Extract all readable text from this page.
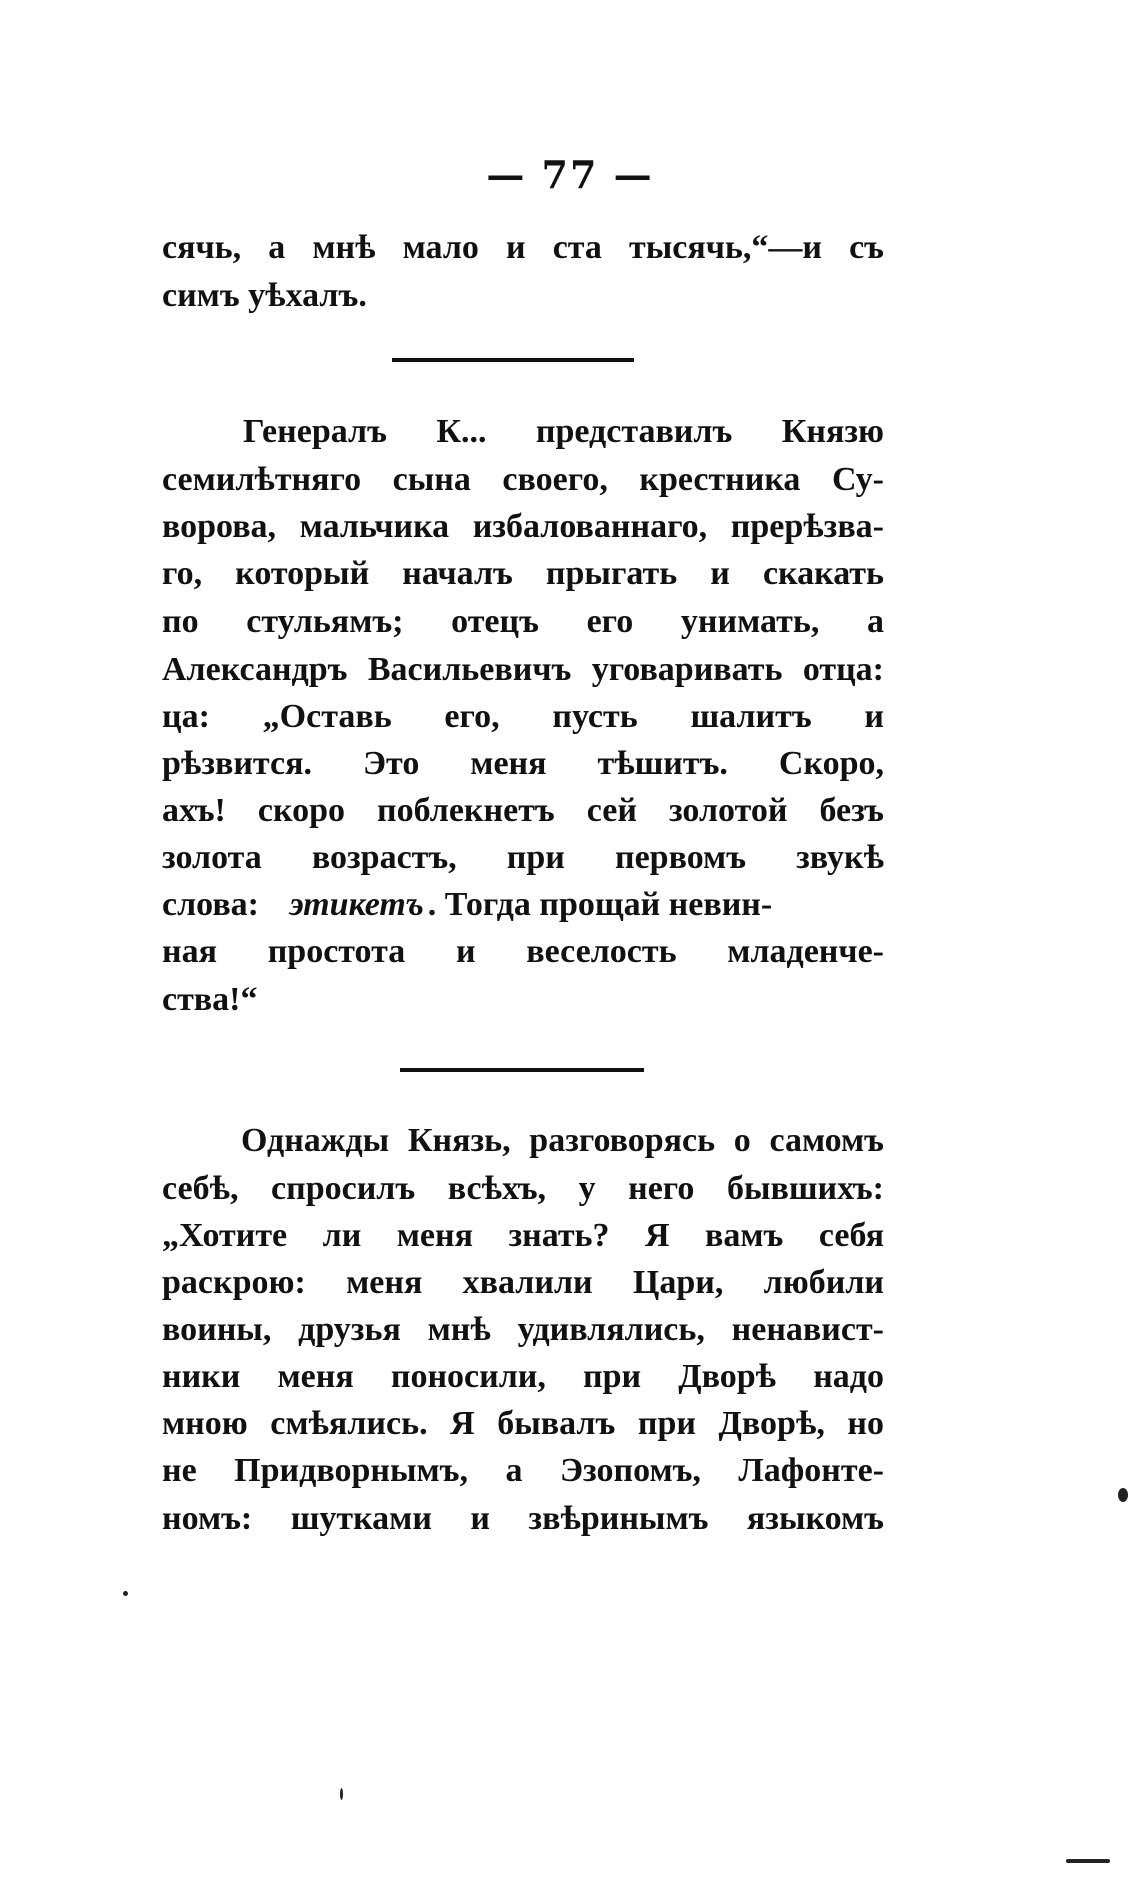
— 77 —
сячь, а мнѣ мало и ста тысячь,“—и съ
симъ уѣхалъ.
Генералъ К... представилъ Князю
семилѣтняго сына своего, крестника Су-
ворова, мальчика избалованнаго, прерѣзва-
го, который началъ прыгать и скакать
по стульямъ; отецъ его унимать, а
Александръ Васильевичъ уговаривать отца:
ца: „Оставь его, пусть шалитъ и
рѣзвится. Это меня тѣшитъ. Скоро,
ахъ! скоро поблекнетъ сей золотой безъ
золота возрастъ, при первомъ звукѣ
слова: этикетъ . Тогда прощай невин-
ная простота и веселость младенче-
ства!“
Однажды Князь, разговорясь о самомъ
себѣ, спросилъ всѣхъ, у него бывшихъ:
„Хотите ли меня знать? Я вамъ себя
раскрою: меня хвалили Цари, любили
воины, друзья мнѣ удивлялись, ненавист-
ники меня поносили, при Дворѣ надо
мною смѣялись. Я бывалъ при Дворѣ, но
не Придворнымъ, а Эзопомъ, Лафонте-
номъ: шутками и звѣринымъ языкомъ
